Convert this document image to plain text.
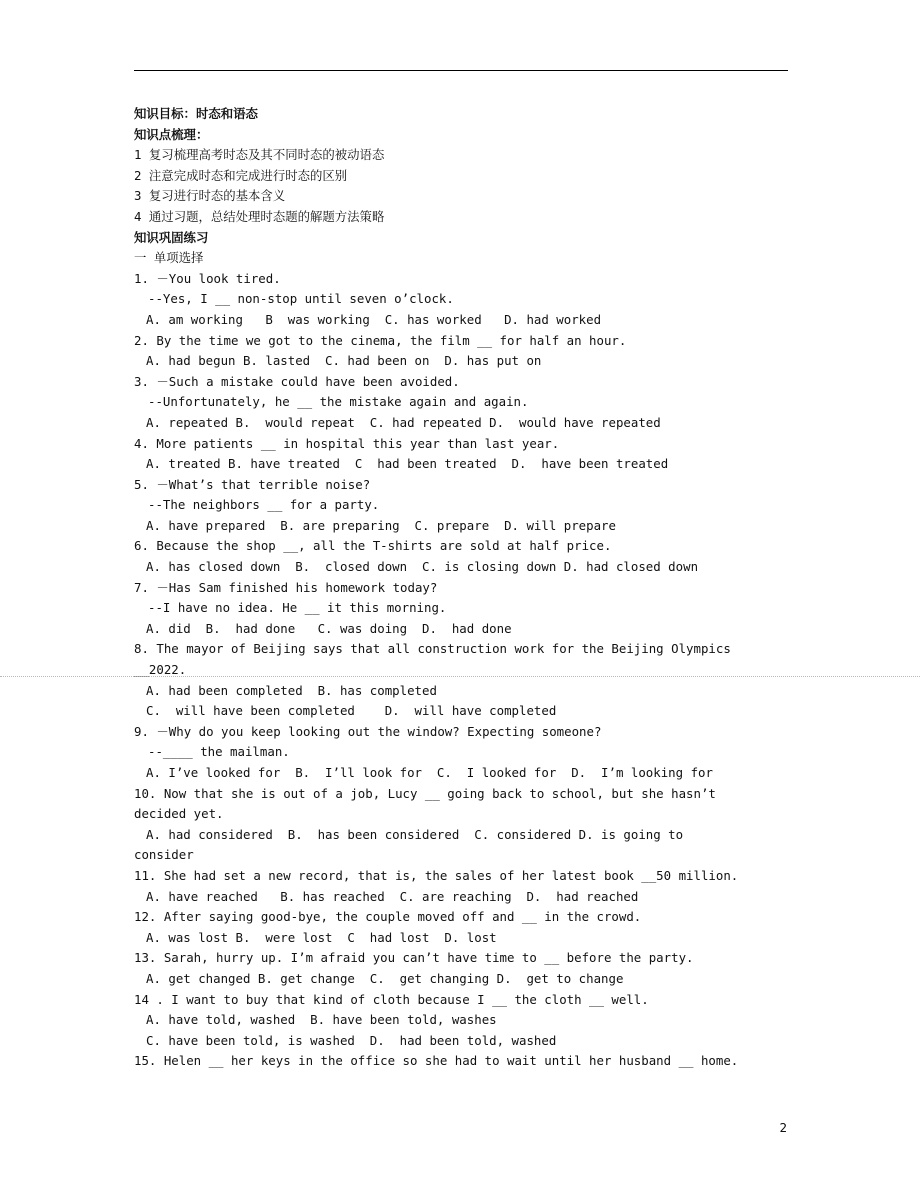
知识目标：时态和语态
知识点梳理：
1 复习梳理高考时态及其不同时态的被动语态
2 注意完成时态和完成进行时态的区别
3 复习进行时态的基本含义
4 通过习题，总结处理时态题的解题方法策略
知识巩固练习
一 单项选择
1. －You look tired.
--Yes, I __ non-stop until seven o’clock.
A. am working   B  was working  C. has worked   D. had worked
2. By the time we got to the cinema, the film __ for half an hour.
A. had begun B. lasted  C. had been on  D. has put on
3. －Such a mistake could have been avoided.
--Unfortunately, he __ the mistake again and again.
A. repeated B.  would repeat  C. had repeated D.  would have repeated
4. More patients __ in hospital this year than last year.
A. treated B. have treated  C  had been treated  D.  have been treated
5. －What’s that terrible noise?
--The neighbors __ for a party.
A. have prepared  B. are preparing  C. prepare  D. will prepare
6. Because the shop __, all the T-shirts are sold at half price.
A. has closed down  B.  closed down  C. is closing down D. had closed down
7. －Has Sam finished his homework today?
--I have no idea. He __ it this morning.
A. did  B.  had done   C. was doing  D.  had done
8. The mayor of Beijing says that all construction work for the Beijing Olympics
__2022.
A. had been completed  B. has completed
C.  will have been completed    D.  will have completed
9. －Why do you keep looking out the window? Expecting someone?
--____ the mailman.
A. I’ve looked for  B.  I’ll look for  C.  I looked for  D.  I’m looking for
10. Now that she is out of a job, Lucy __ going back to school, but she hasn’t
decided yet.
A. had considered  B.  has been considered  C. considered D. is going to
consider
11. She had set a new record, that is, the sales of her latest book __50 million.
A. have reached   B. has reached  C. are reaching  D.  had reached
12. After saying good-bye, the couple moved off and __ in the crowd.
A. was lost B.  were lost  C  had lost  D. lost
13. Sarah, hurry up. I’m afraid you can’t have time to __ before the party.
A. get changed B. get change  C.  get changing D.  get to change
14 . I want to buy that kind of cloth because I __ the cloth __ well.
A. have told, washed  B. have been told, washes
C. have been told, is washed  D.  had been told, washed
15. Helen __ her keys in the office so she had to wait until her husband __ home.
2
